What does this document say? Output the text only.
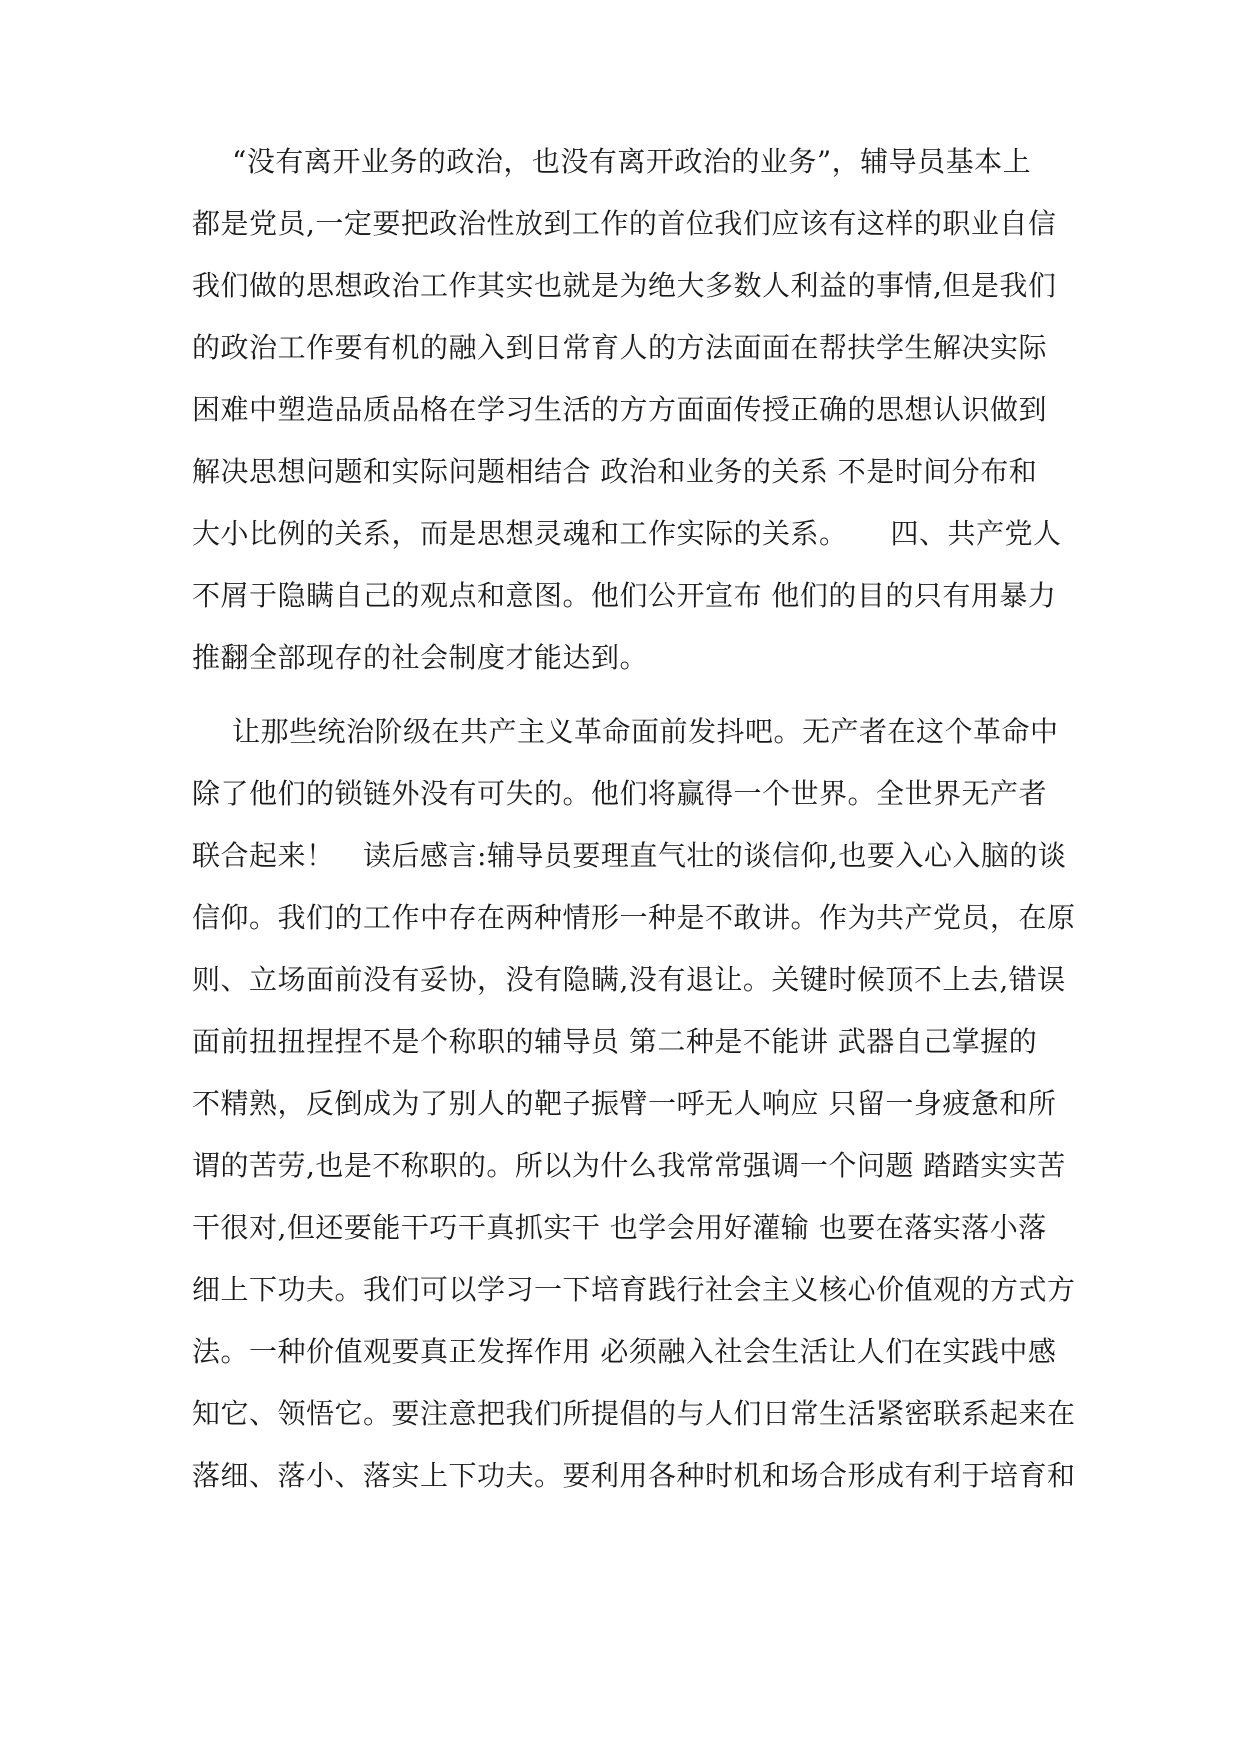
“没有离开业务的政治，也没有离开政治的业务”，辅导员基本上
都是党员,一定要把政治性放到工作的首位我们应该有这样的职业自信
我们做的思想政治工作其实也就是为绝大多数人利益的事情,但是我们
的政治工作要有机的融入到日常育人的方法面面在帮扶学生解决实际
困难中塑造品质品格在学习生活的方方面面传授正确的思想认识做到
解决思想问题和实际问题相结合 政治和业务的关系 不是时间分布和
大小比例的关系，而是思想灵魂和工作实际的关系。　　四、共产党人
不屑于隐瞒自己的观点和意图。他们公开宣布 他们的目的只有用暴力
推翻全部现存的社会制度才能达到。
让那些统治阶级在共产主义革命面前发抖吧。无产者在这个革命中
除了他们的锁链外没有可失的。他们将赢得一个世界。全世界无产者
联合起来！　读后感言:辅导员要理直气壮的谈信仰,也要入心入脑的谈
信仰。我们的工作中存在两种情形一种是不敢讲。作为共产党员，在原
则、立场面前没有妥协，没有隐瞒,没有退让。关键时候顶不上去,错误
面前扭扭捏捏不是个称职的辅导员 第二种是不能讲 武器自己掌握的
不精熟，反倒成为了别人的靶子振臂一呼无人响应 只留一身疲惫和所
谓的苦劳,也是不称职的。所以为什么我常常强调一个问题 踏踏实实苦
干很对,但还要能干巧干真抓实干 也学会用好灌输 也要在落实落小落
细上下功夫。我们可以学习一下培育践行社会主义核心价值观的方式方
法。一种价值观要真正发挥作用 必须融入社会生活让人们在实践中感
知它、领悟它。要注意把我们所提倡的与人们日常生活紧密联系起来在
落细、落小、落实上下功夫。要利用各种时机和场合形成有利于培育和
